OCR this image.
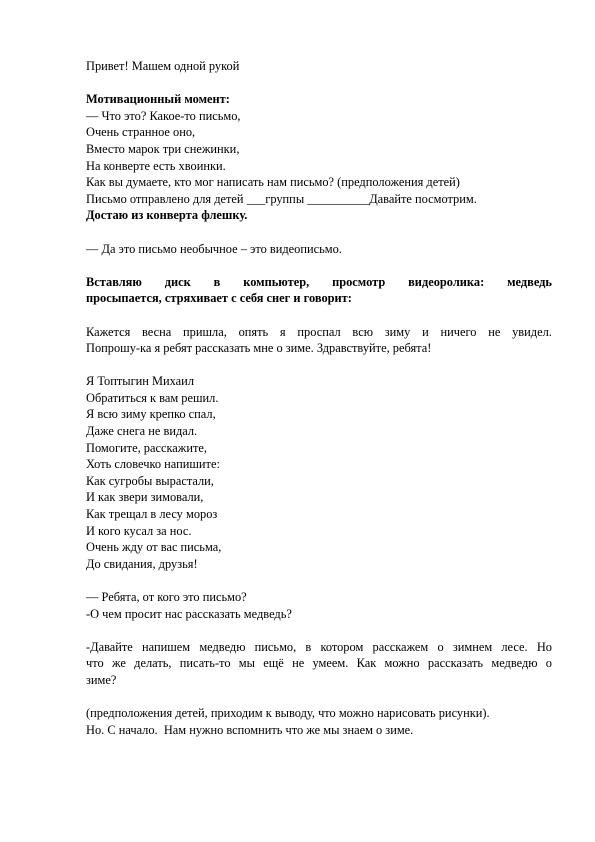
Привет! Машем одной рукой
Мотивационный момент:
— Что это? Какое-то письмо,
Очень странное оно,
Вместо марок три снежинки,
На конверте есть хвоинки.
Как вы думаете, кто мог написать нам письмо? (предположения детей)
Письмо отправлено для детей ___группы __________Давайте посмотрим.
Достаю из конверта флешку.
— Да это письмо необычное – это видеописьмо.
Вставляю диск в компьютер, просмотр видеоролика: медведь
просыпается, стряхивает с себя снег и говорит:
Кажется весна пришла, опять я проспал всю зиму и ничего не увидел.
Попрошу-ка я ребят рассказать мне о зиме. Здравствуйте, ребята!
Я Топтыгин Михаил
Обратиться к вам решил.
Я всю зиму крепко спал,
Даже снега не видал.
Помогите, расскажите,
Хоть словечко напишите:
Как сугробы вырастали,
И как звери зимовали,
Как трещал в лесу мороз
И кого кусал за нос.
Очень жду от вас письма,
До свидания, друзья!
— Ребята, от кого это письмо?
-О чем просит нас рассказать медведь?
-Давайте напишем медведю письмо, в котором расскажем о зимнем лесе. Но
что же делать, писать-то мы ещё не умеем. Как можно рассказать медведю о
зиме?
(предположения детей, приходим к выводу, что можно нарисовать рисунки).
Но. С начало.  Нам нужно вспомнить что же мы знаем о зиме.
